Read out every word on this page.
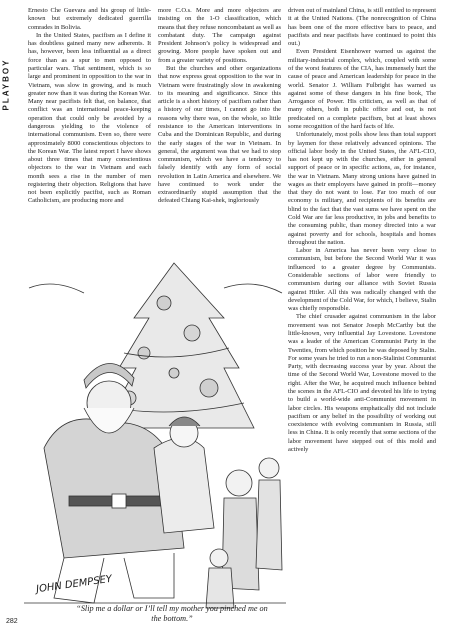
PLAYBOY

Ernesto Che Guevara and his group of little-known but extremely dedicated guerrilla comrades in Bolivia.

In the United States, pacifism as I define it has doubtless gained many new adherents. It has, however, been less influential as a direct force than as a spur to men opposed to particular wars. That sentiment, which is so large and prominent in opposition to the war in Vietnam, was slow in growing, and is much greater now than it was during the Korean War. Many near pacifists felt that, on balance, that conflict was an international peace-keeping operation that could only be avoided by a dangerous yielding to the violence of international communism. Even so, there were approximately 8000 conscientious objectors to the Korean War. The latest report I have shows about three times that many conscientious objectors to the war in Vietnam and each month sees a rise in the number of men registering their objection. Religions that have not been explicitly pacifist, such as Roman Catholicism, are producing more and

more C.O.s. More and more objectors are insisting on the 1-O classification, which means that they refuse noncombatant as well as combatant duty. The campaign against President Johnson’s policy is widespread and growing. More people have spoken out and from a greater variety of positions.

But the churches and other organizations that now express great opposition to the war in Vietnam were frustratingly slow in awakening to its meaning and significance. Since this article is a short history of pacifism rather than a history of our times, I cannot go into the reasons why there was, on the whole, so little resistance to the American interventions in Cuba and the Dominican Republic, and during the early stages of the war in Vietnam. In general, the argument was that we had to stop communism, which we have a tendency to falsely identify with any form of social revolution in Latin America and elsewhere. We have continued to work under the extraordinarily stupid assumption that the defeated Chiang Kai-shek, ingloriously

driven out of mainland China, is still entitled to represent it at the United Nations. (The nonrecognition of China has been one of the more effective bars to peace, and pacifists and near pacifists have continued to point this out.)

Even President Eisenhower warned us against the military-industrial complex, which, coupled with some of the worst features of the CIA, has immensely hurt the cause of peace and American leadership for peace in the world. Senator J. William Fulbright has warned us against some of these dangers in his fine book, The Arrogance of Power. His criticism, as well as that of many others, both in public office and out, is not predicated on a complete pacifism, but at least shows some recognition of the hard facts of life.

Unfortunately, most polls show less than total support by laymen for these relatively advanced opinions. The official labor body in the United States, the AFL-CIO, has not kept up with the churches, either in general support of peace or in specific actions, as, for instance, the war in Vietnam. Many strong unions have gained in wages as their employers have gained in profit—money that they do not want to lose. Far too much of our economy is military, and recipients of its benefits are blind to the fact that the vast sums we have spent on the Cold War are far less productive, in jobs and benefits to the consuming public, than money directed into a war against poverty and for schools, hospitals and homes throughout the nation.

Labor in America has never been very close to communism, but before the Second World War it was influenced to a greater degree by Communists. Considerable sections of labor were friendly to communism during our alliance with Soviet Russia against Hitler. All this was radically changed with the development of the Cold War, for which, I believe, Stalin was chiefly responsible.

The chief crusader against communism in the labor movement was not Senator Joseph McCarthy but the little-known, very influential Jay Lovestone. Lovestone was a leader of the American Communist Party in the Twenties, from which position he was deposed by Stalin. For some years he tried to run a non-Stalinist Communist Party, with decreasing success year by year. About the time of the Second World War, Lovestone moved to the right. After the War, he acquired much influence behind the scenes in the AFL-CIO and devoted his life to trying to build a world-wide anti-Communist movement in labor circles. His weapons emphatically did not include pacifism or any belief in the possibility of working out coexistence with evolving communism in Russia, still less in China. It is only recently that some sections of the labor movement have stepped out of this mold and actively

JOHN DEMPSEY
“Slip me a dollar or I’ll tell my mother you pinched me on the bottom.”
282
